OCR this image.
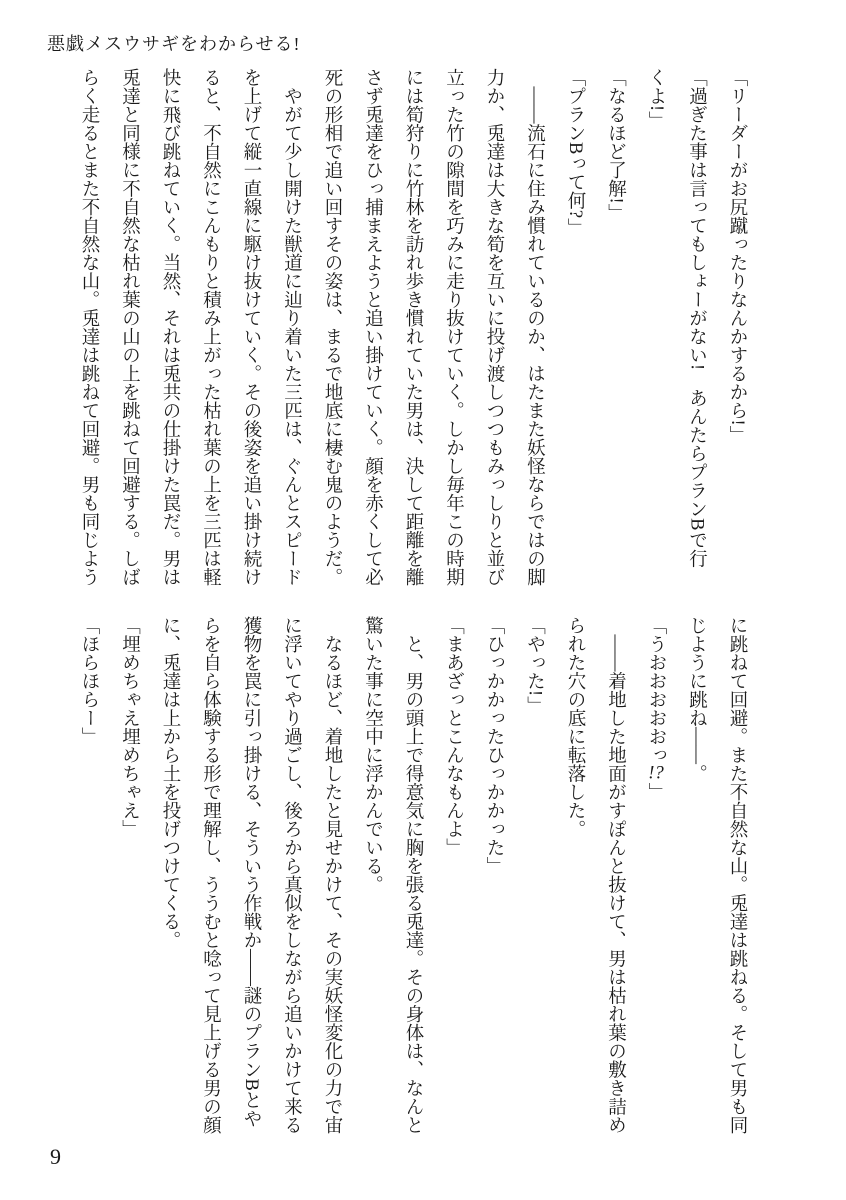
悪戯メスウサギをわからせる!
「リーダーがお尻蹴ったりなんかするから!」
「過ぎた事は言ってもしょーがない!　あんたらプランBで行
くよ!」
「なるほど了解!」
「プランBって何?」
　——流石に住み慣れているのか、はたまた妖怪ならではの脚
力か、兎達は大きな筍を互いに投げ渡しつつもみっしりと並び
立った竹の隙間を巧みに走り抜けていく。しかし毎年この時期
には筍狩りに竹林を訪れ歩き慣れていた男は、決して距離を離
さず兎達をひっ捕まえようと追い掛けていく。顔を赤くして必
死の形相で追い回すその姿は、まるで地底に棲む鬼のようだ。
　やがて少し開けた獣道に辿り着いた三匹は、ぐんとスピード
を上げて縦一直線に駆け抜けていく。その後姿を追い掛け続け
ると、不自然にこんもりと積み上がった枯れ葉の上を三匹は軽
快に飛び跳ねていく。当然、それは兎共の仕掛けた罠だ。男は
兎達と同様に不自然な枯れ葉の山の上を跳ねて回避する。しば
らく走るとまた不自然な山。兎達は跳ねて回避。男も同じよう
に跳ねて回避。また不自然な山。兎達は跳ねる。そして男も同
じように跳ね——。
「うおおおおおっ!?」
　——着地した地面がすぽんと抜けて、男は枯れ葉の敷き詰め
られた穴の底に転落した。
「やった!」
「ひっかかったひっかかった」
「まあざっとこんなもんよ」
　と、男の頭上で得意気に胸を張る兎達。その身体は、なんと
驚いた事に空中に浮かんでいる。
　なるほど、着地したと見せかけて、その実妖怪変化の力で宙
に浮いてやり過ごし、後ろから真似をしながら追いかけて来る
獲物を罠に引っ掛ける、そういう作戦か——謎のプランBとや
らを自ら体験する形で理解し、ううむと唸って見上げる男の顔
に、兎達は上から土を投げつけてくる。
「埋めちゃえ埋めちゃえ」
「ほらほらー」
9
